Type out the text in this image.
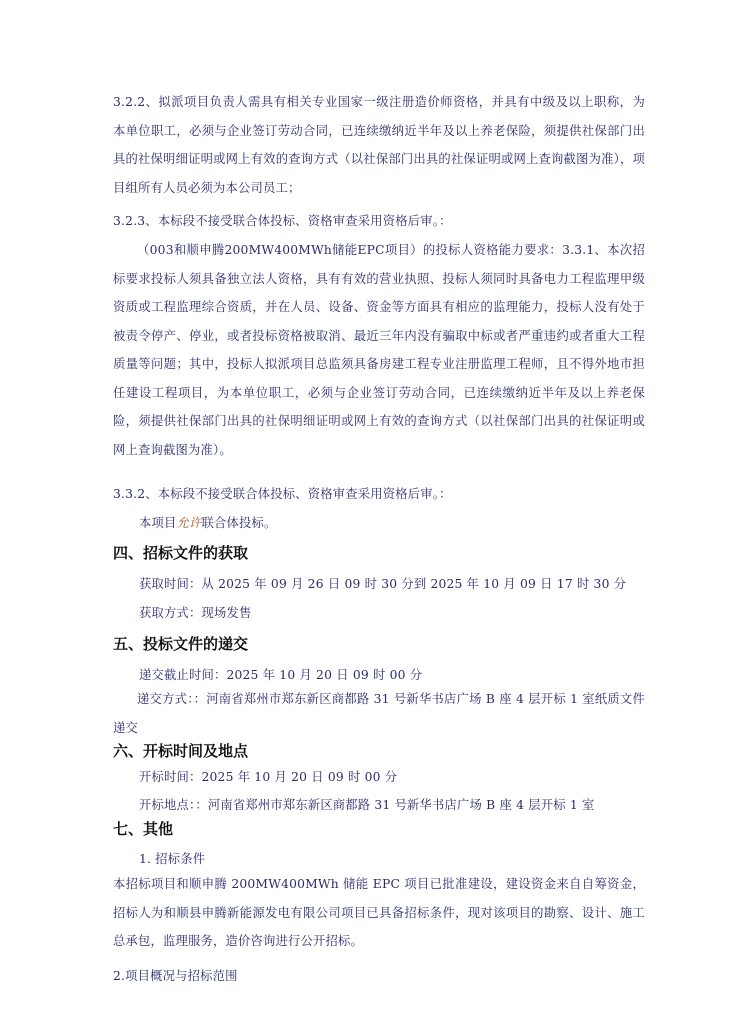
3.2.2、拟派项目负责人需具有相关专业国家一级注册造价师资格，并具有中级及以上职称，为本单位职工，必须与企业签订劳动合同，已连续缴纳近半年及以上养老保险，须提供社保部门出具的社保明细证明或网上有效的查询方式（以社保部门出具的社保证明或网上查询截图为准），项目组所有人员必须为本公司员工；
3.2.3、本标段不接受联合体投标、资格审查采用资格后审。：
（003和顺申腾200MW400MWh储能EPC项目）的投标人资格能力要求：3.3.1、本次招标要求投标人须具备独立法人资格，具有有效的营业执照、投标人须同时具备电力工程监理甲级资质或工程监理综合资质，并在人员、设备、资金等方面具有相应的监理能力，投标人没有处于被责令停产、停业，或者投标资格被取消、最近三年内没有骗取中标或者严重违约或者重大工程质量等问题；其中，投标人拟派项目总监须具备房建工程专业注册监理工程师，且不得外地市担任建设工程项目，为本单位职工，必须与企业签订劳动合同，已连续缴纳近半年及以上养老保险，须提供社保部门出具的社保明细证明或网上有效的查询方式（以社保部门出具的社保证明或网上查询截图为准）。
3.3.2、本标段不接受联合体投标、资格审查采用资格后审。：
本项目允许联合体投标。
四、招标文件的获取
获取时间：从 2025 年 09 月 26 日 09 时 30 分到 2025 年 10 月 09 日 17 时 30 分
获取方式：现场发售
五、投标文件的递交
递交截止时间：2025 年 10 月 20 日 09 时 00 分
递交方式：：河南省郑州市郑东新区商都路 31 号新华书店广场 B 座 4 层开标 1 室纸质文件递交
六、开标时间及地点
开标时间：2025 年 10 月 20 日 09 时 00 分
开标地点：：河南省郑州市郑东新区商都路 31 号新华书店广场 B 座 4 层开标 1 室
七、其他
1. 招标条件
本招标项目和顺申腾 200MW400MWh 储能 EPC 项目已批准建设，建设资金来自自筹资金，招标人为和顺县申腾新能源发电有限公司项目已具备招标条件，现对该项目的勘察、设计、施工总承包，监理服务，造价咨询进行公开招标。
2.项目概况与招标范围
